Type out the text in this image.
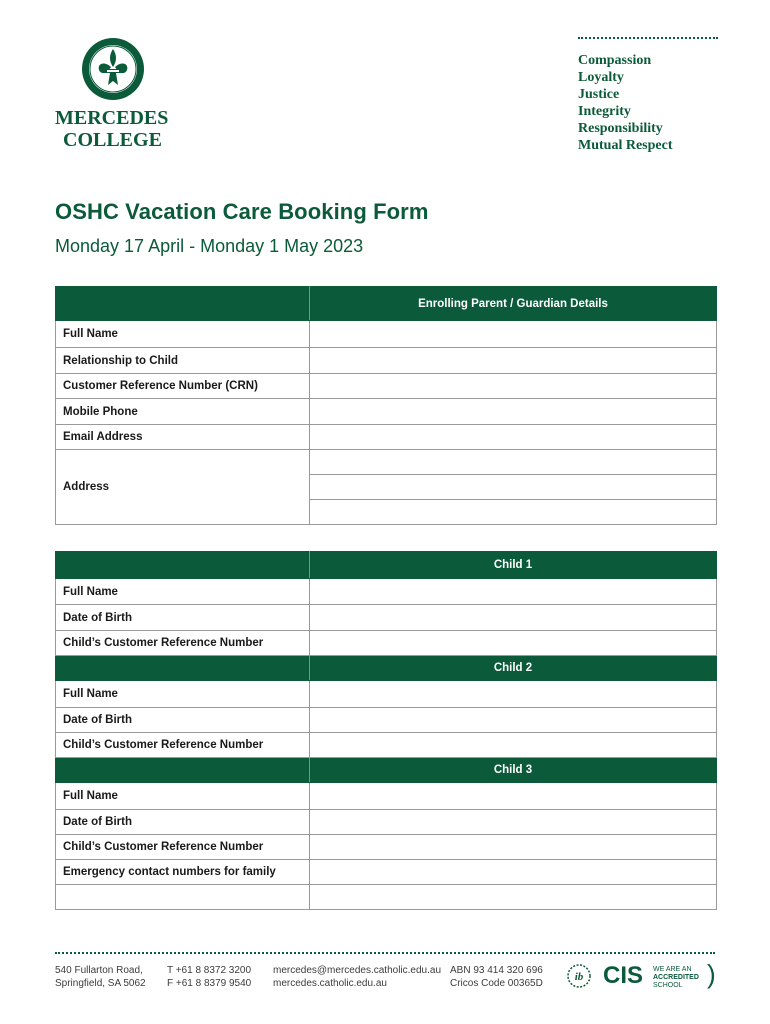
MERCEDES
COLLEGE
Compassion
Loyalty
Justice
Integrity
Responsibility
Mutual Respect
OSHC Vacation Care Booking Form
Monday 17 April - Monday 1 May 2023
	Enrolling Parent / Guardian Details
Full Name	
Relationship to Child	
Customer Reference Number (CRN)	
Mobile Phone	
Email Address	
Address	

	Child 1
Full Name	
Date of Birth	
Child’s Customer Reference Number	
	Child 2
Full Name	
Date of Birth	
Child’s Customer Reference Number	
	Child 3
Full Name	
Date of Birth	
Child’s Customer Reference Number	
Emergency contact numbers for family	

540 Fullarton Road,
Springfield, SA 5062
T +61 8 8372 3200
F +61 8 8379 9540
mercedes@mercedes.catholic.edu.au
mercedes.catholic.edu.au
ABN 93 414 320 696
Cricos Code 00365D
ib CIS WE ARE AN
ACCREDITED
SCHOOL )
